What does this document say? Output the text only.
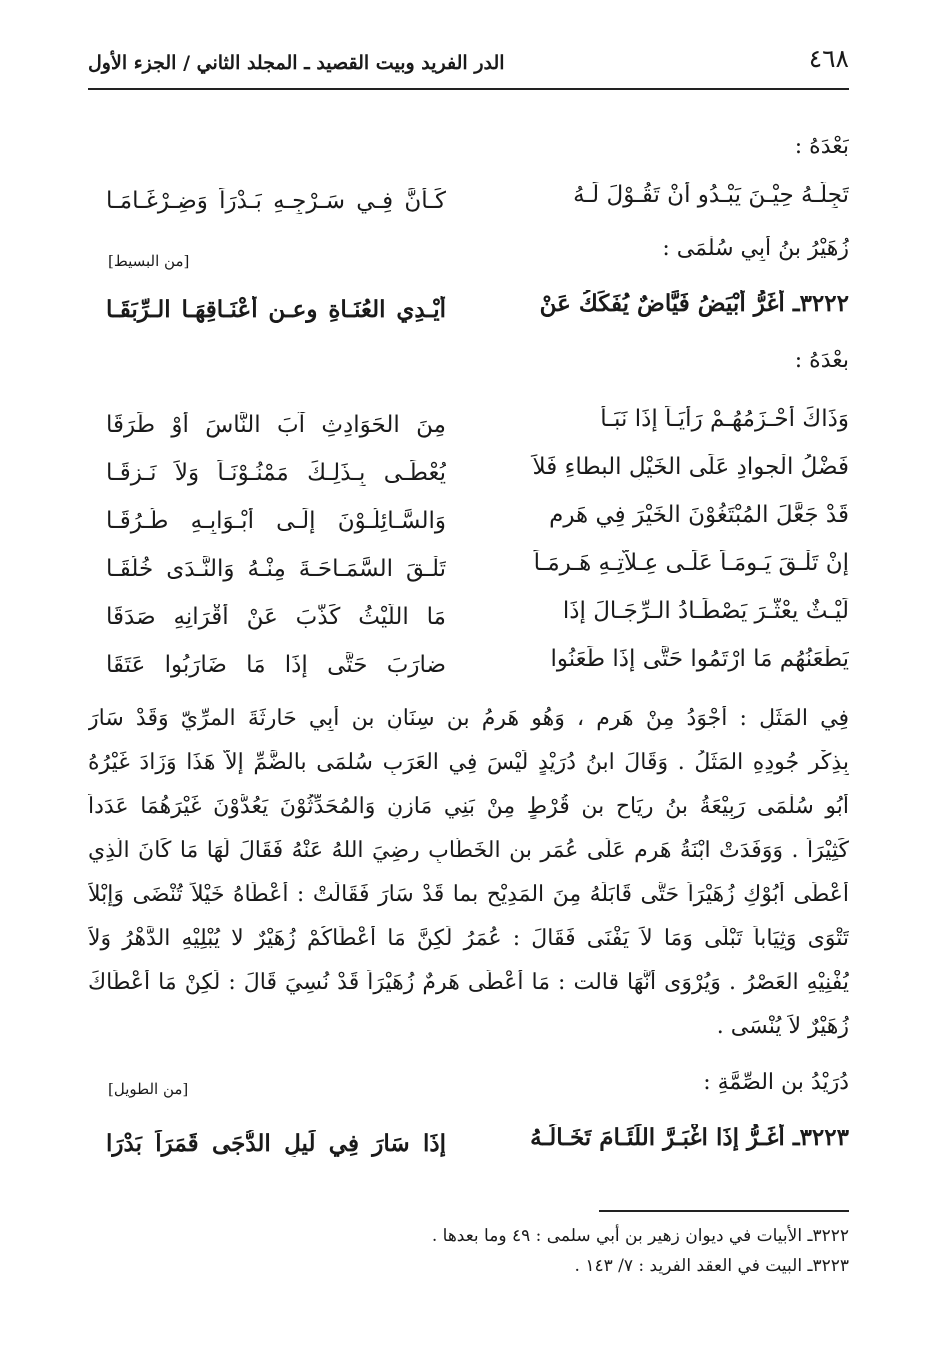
٤٦٨
الدر الفريد وبيت القصيد ـ المجلد الثاني / الجزء الأول
بَعْدَهُ :
تَجِلّـهُ حِيْـنَ يَبْـدُو أَنْ تَقُـوْلَ لَـهُ
كَـأَنَّ فِـي سَـرْجِـهِ بَـدْرَاً وَضِـرْغَـامَـا
زُهَيْرُ بنُ أَبِي سُلْمَى :
[من البسيط]
٣٢٢٢ـ أَغَرُّ أَبْيَضُ فَيَّاضٌ يُفَكِّكُ عَنْ
أَيْـدِي العُنَـاةِ وعـن أَعْنَـاقِهَـا الـرِّبَقَـا
بعْدَهُ :
وَذَاكَ أَحْـزَمُهُـمْ رَأْيَـاً إِذَا نَبَـأٌ
مِنَ الحَوَادِثِ آبَ النَّاسَ أَوْ طَرَقَا
فَضْلُ الْجوادِ عَلَى الخَيْلِ البطاءِ فَلاَ
يُعْطَـى بِـذَلِـكَ مَمْنُـوْنَـاً وَلاَ نَـزِقَـا
قَدْ جَعَّلَ المُبْتَغُوْنَ الخَيْرَ فِي هَرِمٍ
وَالسَّـائِلُـوْنَ إِلَـى أَبْـوَابِـهِ طُـرُقَـا
إِنْ تَلْـقَ يَـومَـاً عَلَـى عِـلاَّتِـهِ هَـرِمَـاً
تَلْـقَ السَّمَـاحَـةَ مِنْـهُ وَالنَّـدَى خُلُقَـا
لَيْـثٌ يعْثَّـرَ يَصْطَـادُ الـرِّجَـالَ إِذَا
مَا اللَّيْثُ كَذَّبَ عَنْ أَقْرَانِهِ صَدَقَا
يَطْعَنُهُم مَا ارْتَمُوا حَتَّى إِذَا طَعَنُوا
ضارَبَ حَتَّى إِذَا مَا ضَارَبُوا عَتَقَا
فِي المَثَلِ : أَجْوَدُ مِنْ هَرِمٍ ، وَهُو هَرِمُ بن سِنَانِ بن أَبِي حَارِثَةَ المرِّيّ وَقَدْ سَارَ
بِذِكْرِ جُودِهِ المَثَلُ . وَقَالَ ابنُ دُرَيْدٍ لَيْسَ فِي العَرَبِ سُلمَى بالضَّمِّ إِلاَّ هَذَا وَزَادَ غَيْرُهُ
أَبُو سُلْمَى رَبِيْعَةُ بنُ رِيَاحِ بن قُرْطٍ مِنْ بَنِي مَازِنٍ وَالمُحَدِّثُوْنَ يَعُدُّوْنَ غَيْرَهُمَا عَدَداً
كَثِيْرَاً . وَوَفَدَتْ ابْنَةُ هَرِمٍ عَلَى عُمَرِ بنِ الخَطَّابِ رضِيَ اللهُ عَنْهُ فَقَالَ لَهَا مَا كَانَ الَّذِي
أَعْطَى أَبُوْكِ زُهَيْرَاً حَتَّى قَابَلَهُ مِنَ المَدِيْحِ بما قَدْ سَارَ فَقَالَتْ : أَعْطَاهُ خَيْلاً تُنْضَى وَإِبْلاً
تَتْوَى وَثِيَاباً تَبْلَى وَمَا لاَ يَفْنَى فَقَالَ : عُمَرُ لَكِنَّ مَا أَعْطَاكُمْ زُهَيْرٌ لا يُبْلِيْهِ الدَّهْرُ وَلاَ
يُفْنِيْهِ العَصْرُ . وَيُرْوَى أَنَّهَا قالت : مَا أَعْطَى هَرِمٌ زُهَيْرَاً قَدْ نُسِيَ قَالَ : لَكِنْ مَا أَعْطَاكَ
زُهَيْرٌ لاَ يُنْسَى .
دُرَيْدُ بن الصِّمَّةِ :
[من الطويل]
٣٢٢٣ـ أَغَـرُّ إِذَا اغْبَـرَّ اللِّئَـامَ تَخَـالُـهُ
إِذَا سَارَ فِي لَيلِ الدُّجَى قَمَرَاً بَدْرَا
٣٢٢٢ـ الأبيات في ديوان زهير بن أبي سلمى : ٤٩ وما بعدها .
٣٢٢٣ـ البيت في العقد الفريد : ٧/ ١٤٣ .
